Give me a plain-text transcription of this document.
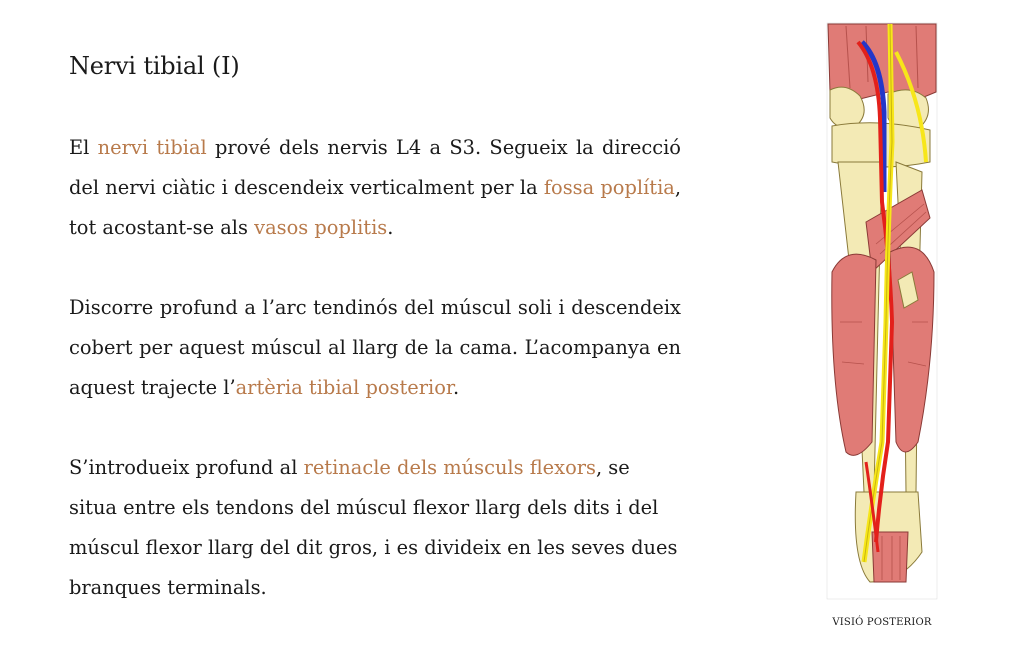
Nervi tibial (I)

El nervi tibial prové dels nervis L4 a S3. Segueix la direcció del nervi ciàtic i descendeix verticalment per la fossa poplítia, tot acostant-se als vasos poplitis.

Discorre profund a l’arc tendinós del múscul soli i descendeix cobert per aquest múscul al llarg de la cama. L’acompanya en aquest trajecte l’artèria tibial posterior.

S’introdueix profund al retinacle dels músculs flexors, se situa entre els tendons del múscul flexor llarg dels dits i del múscul flexor llarg del dit gros, i es divideix en les seves dues branques terminals.

VISIÓ POSTERIOR
